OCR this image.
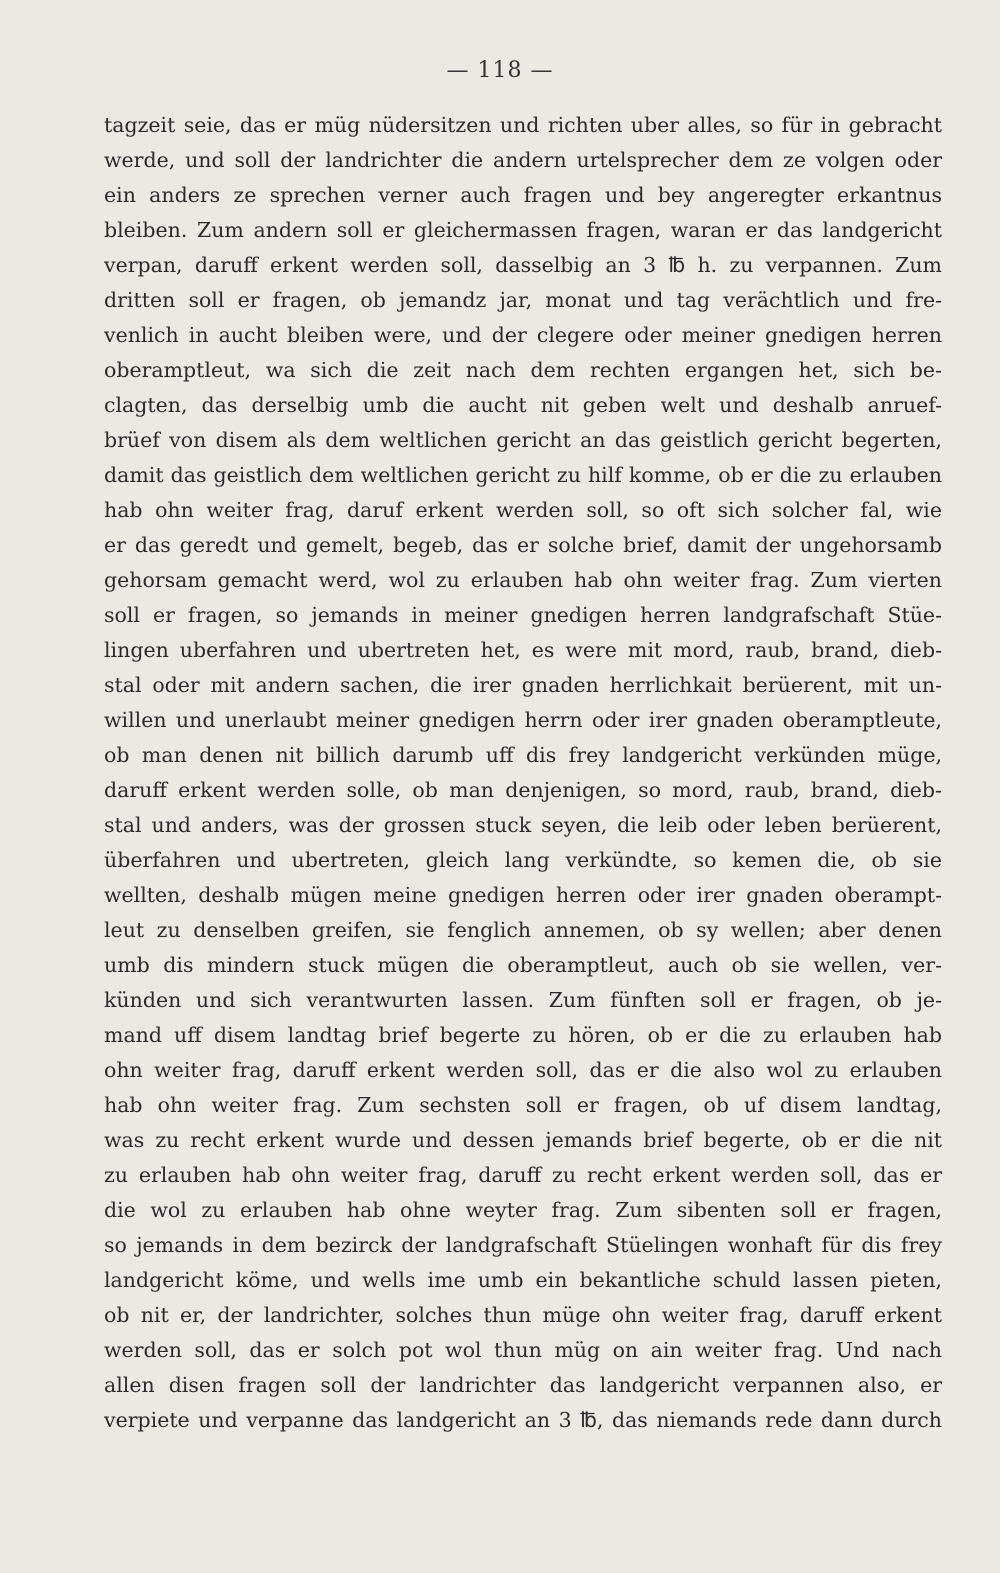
— 118 —
tagzeit seie, das er müg nüdersitzen und richten uber alles, so für in gebracht
werde, und soll der landrichter die andern urtelsprecher dem ze volgen oder
ein anders ze sprechen verner auch fragen und bey angeregter erkantnus
bleiben. Zum andern soll er gleichermassen fragen, waran er das landgericht
verpan, daruff erkent werden soll, dasselbig an 3 ℔ h. zu verpannen. Zum
dritten soll er fragen, ob jemandz jar, monat und tag verächtlich und fre-
venlich in aucht bleiben were, und der clegere oder meiner gnedigen herren
oberamptleut, wa sich die zeit nach dem rechten ergangen het, sich be-
clagten, das derselbig umb die aucht nit geben welt und deshalb anruef-
brüef von disem als dem weltlichen gericht an das geistlich gericht begerten,
damit das geistlich dem weltlichen gericht zu hilf komme, ob er die zu erlauben
hab ohn weiter frag, daruf erkent werden soll, so oft sich solcher fal, wie
er das geredt und gemelt, begeb, das er solche brief, damit der ungehorsamb
gehorsam gemacht werd, wol zu erlauben hab ohn weiter frag. Zum vierten
soll er fragen, so jemands in meiner gnedigen herren landgrafschaft Stüe-
lingen uberfahren und ubertreten het, es were mit mord, raub, brand, dieb-
stal oder mit andern sachen, die irer gnaden herrlichkait berüerent, mit un-
willen und unerlaubt meiner gnedigen herrn oder irer gnaden oberamptleute,
ob man denen nit billich darumb uff dis frey landgericht verkünden müge,
daruff erkent werden solle, ob man denjenigen, so mord, raub, brand, dieb-
stal und anders, was der grossen stuck seyen, die leib oder leben berüerent,
überfahren und ubertreten, gleich lang verkündte, so kemen die, ob sie
wellten, deshalb mügen meine gnedigen herren oder irer gnaden oberampt-
leut zu denselben greifen, sie fenglich annemen, ob sy wellen; aber denen
umb dis mindern stuck mügen die oberamptleut, auch ob sie wellen, ver-
künden und sich verantwurten lassen. Zum fünften soll er fragen, ob je-
mand uff disem landtag brief begerte zu hören, ob er die zu erlauben hab
ohn weiter frag, daruff erkent werden soll, das er die also wol zu erlauben
hab ohn weiter frag. Zum sechsten soll er fragen, ob uf disem landtag,
was zu recht erkent wurde und dessen jemands brief begerte, ob er die nit
zu erlauben hab ohn weiter frag, daruff zu recht erkent werden soll, das er
die wol zu erlauben hab ohne weyter frag. Zum sibenten soll er fragen,
so jemands in dem bezirck der landgrafschaft Stüelingen wonhaft für dis frey
landgericht köme, und wells ime umb ein bekantliche schuld lassen pieten,
ob nit er, der landrichter, solches thun müge ohn weiter frag, daruff erkent
werden soll, das er solch pot wol thun müg on ain weiter frag. Und nach
allen disen fragen soll der landrichter das landgericht verpannen also, er
verpiete und verpanne das landgericht an 3 ℔, das niemands rede dann durch
